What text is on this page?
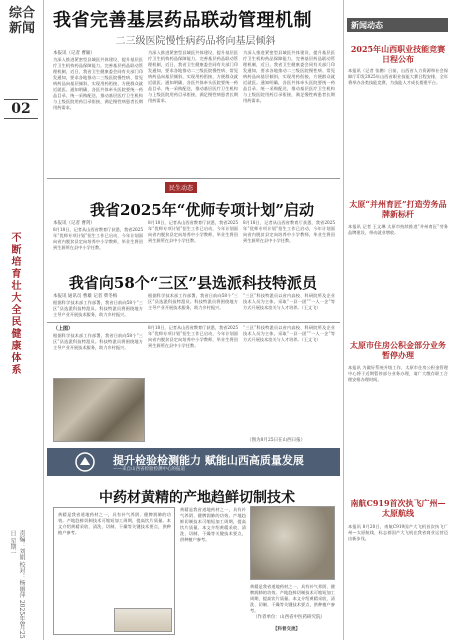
综合新闻
02
不断培育壮大全民健康体系
责编：刘娟 校对：杨丽萍 2025年8月25日 星期一
我省完善基层药品联动管理机制
二三级医院慢性病药品将向基层倾斜
本报讯（记者 曹颖）
为深入推进紧密型县域医共体建设，提升基层医疗卫生机构药品保障能力，完善基层药品联动管理机制，近日，我省卫生健康委会同有关部门印发通知，要求各地推动二三级医院慢性病、常见病药品向基层倾斜，实现用药衔接，方便群众就近就医。通知明确，各医共体牵头医院要统一药品目录、统一采购配送，推动基层医疗卫生机构与上级医院用药目录衔接，满足慢性病患者长期用药需求。
为深入推进紧密型县域医共体建设，提升基层医疗卫生机构药品保障能力，完善基层药品联动管理机制，近日，我省卫生健康委会同有关部门印发通知，要求各地推动二三级医院慢性病、常见病药品向基层倾斜，实现用药衔接，方便群众就近就医。通知明确，各医共体牵头医院要统一药品目录、统一采购配送，推动基层医疗卫生机构与上级医院用药目录衔接，满足慢性病患者长期用药需求。
为深入推进紧密型县域医共体建设，提升基层医疗卫生机构药品保障能力，完善基层药品联动管理机制，近日，我省卫生健康委会同有关部门印发通知，要求各地推动二三级医院慢性病、常见病药品向基层倾斜，实现用药衔接，方便群众就近就医。通知明确，各医共体牵头医院要统一药品目录、统一采购配送，推动基层医疗卫生机构与上级医院用药目录衔接，满足慢性病患者长期用药需求。
民生动态
我省2025年“优师专项计划”启动
本报讯（记者 曹剑）
8月18日，记者从山西省教育厅获悉，我省2025年“优师专项计划”招生工作已启动，今年计划面向省内脱贫县定向培养中小学教师，毕业生将回到生源所在县中小学任教。
8月18日，记者从山西省教育厅获悉，我省2025年“优师专项计划”招生工作已启动，今年计划面向省内脱贫县定向培养中小学教师，毕业生将回到生源所在县中小学任教。
8月18日，记者从山西省教育厅获悉，我省2025年“优师专项计划”招生工作已启动，今年计划面向省内脱贫县定向培养中小学教师，毕业生将回到生源所在县中小学任教。
我省向58个“三区”县选派科技特派员
本报讯 通讯员 曹雄 记者 柴冬梅
根据科学技术部工作部署，我省日前向58个“三区”县选派科技特派员。科技特派员将围绕地方主导产业开展技术服务，助力乡村振兴。
根据科学技术部工作部署，我省日前向58个“三区”县选派科技特派员。科技特派员将围绕地方主导产业开展技术服务，助力乡村振兴。
“三区”科技特派员以省内高校、科研院所及企业技术人员为主体，采取“一县一团”“一人一企”等方式开展技术攻关与人才培养。（王文飞）
（上图）
根据科学技术部工作部署，我省日前向58个“三区”县选派科技特派员。科技特派员将围绕地方主导产业开展技术服务，助力乡村振兴。
8月18日，记者从山西省教育厅获悉，我省2025年“优师专项计划”招生工作已启动，今年计划面向省内脱贫县定向培养中小学教师，毕业生将回到生源所在县中小学任教。
“三区”科技特派员以省内高校、科研院所及企业技术人员为主体，采取“一县一团”“一人一企”等方式开展技术攻关与人才培养。（王文飞）
（图为8月25日在山西日报）
提升检验检测能力 赋能山西高质量发展
——来自山西省检验检测中心的报道
中药材黄精的产地趋鲜切制技术
黄精是我省道地药材之一，具有补气养阴、健脾润肺的功效。产地趋鲜切制技术可缩短加工周期，提高饮片质量。本文介绍黄精采收、清洗、切制、干燥等关键技术要点，供种植户参考。
黄精是我省道地药材之一，具有补气养阴、健脾润肺的功效。产地趋鲜切制技术可缩短加工周期，提高饮片质量。本文介绍黄精采收、清洗、切制、干燥等关键技术要点，供种植户参考。
黄精是我省道地药材之一，具有补气养阴、健脾润肺的功效。产地趋鲜切制技术可缩短加工周期，提高饮片质量。本文介绍黄精采收、清洗、切制、干燥等关键技术要点，供种植户参考。
（作者单位：山西省中医药研究院）
【科普交流】
新闻动态
2025年山西职业技能竞赛日程公布
本报讯（记者 张鹏）日前，山西省人力资源和社会保障厅印发2025年山西省职业技能大赛日程安排，全年将举办各类技能竞赛，为技能人才成长搭建平台。
太原“并州育匠”打造劳务品牌新标杆
本报讯 记者 王文琳 太原市持续推进“并州育匠”劳务品牌建设，带动就业增收。
太原市住房公积金部分业务暂停办理
本报讯 为做好系统升级工作，太原市住房公积金管理中心将于近期暂停部分业务办理，请广大缴存职工合理安排办理时间。
南航C919首次执飞广州—太原航线
本报讯 8月20日，南航C919国产大飞机首次执飞广州—太原航线，标志着国产大飞机在我省商业运营迈出新步伐。
